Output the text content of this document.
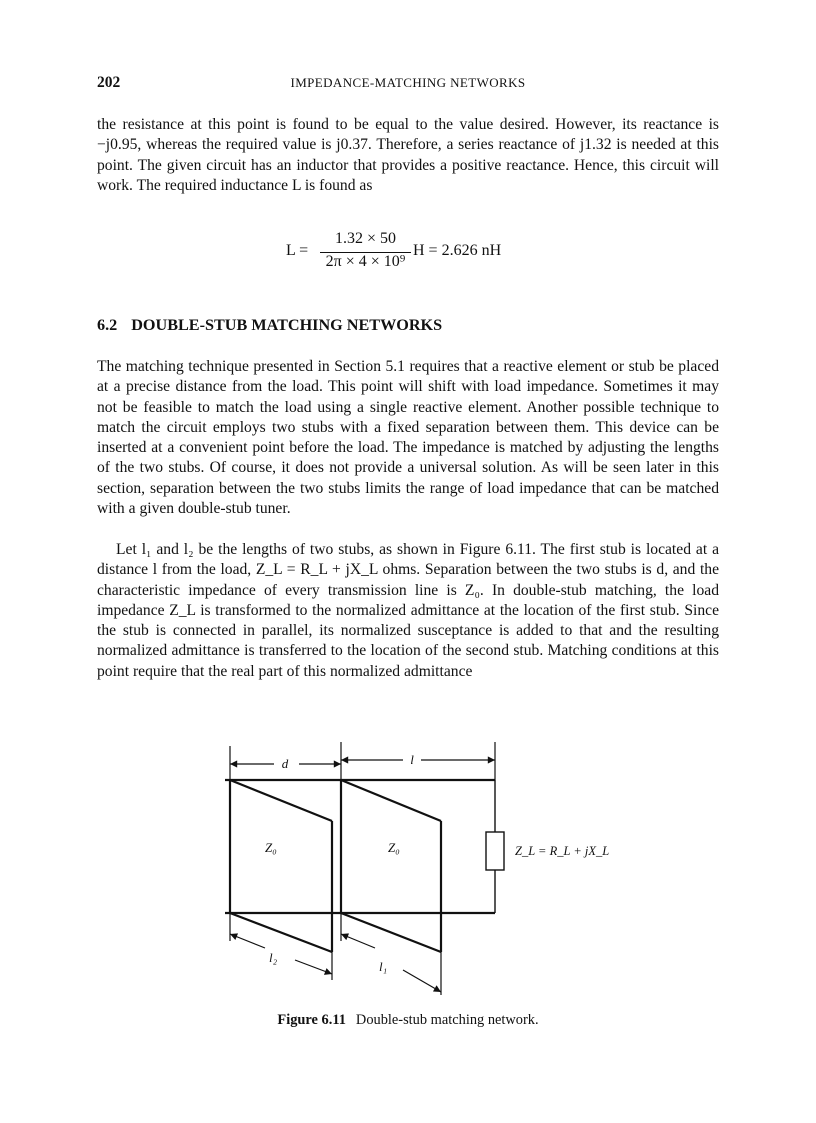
202	IMPEDANCE-MATCHING NETWORKS

the resistance at this point is found to be equal to the value desired. However, its reactance is −j0.95, whereas the required value is j0.37. Therefore, a series reactance of j1.32 is needed at this point. The given circuit has an inductor that provides a positive reactance. Hence, this circuit will work. The required inductance L is found as

L =
1.32 × 50
2π × 4 × 10⁹
H = 2.626 nH
6.2 DOUBLE-STUB MATCHING NETWORKS

The matching technique presented in Section 5.1 requires that a reactive element or stub be placed at a precise distance from the load. This point will shift with load impedance. Sometimes it may not be feasible to match the load using a single reactive element. Another possible technique to match the circuit employs two stubs with a fixed separation between them. This device can be inserted at a convenient point before the load. The impedance is matched by adjusting the lengths of the two stubs. Of course, it does not provide a universal solution. As will be seen later in this section, separation between the two stubs limits the range of load impedance that can be matched with a given double-stub tuner.

Let l₁ and l₂ be the lengths of two stubs, as shown in Figure 6.11. The first stub is located at a distance l from the load, Z_L = R_L + jX_L ohms. Separation between the two stubs is d, and the characteristic impedance of every transmission line is Z₀. In double-stub matching, the load impedance Z_L is transformed to the normalized admittance at the location of the first stub. Since the stub is connected in parallel, its normalized susceptance is added to that and the resulting normalized admittance is transferred to the location of the second stub. Matching conditions at this point require that the real part of this normalized admittance

d	l
Z₀	Z₀	Z_L = R_L + jX_L
l₂
l₁
Figure 6.11 Double-stub matching network.
